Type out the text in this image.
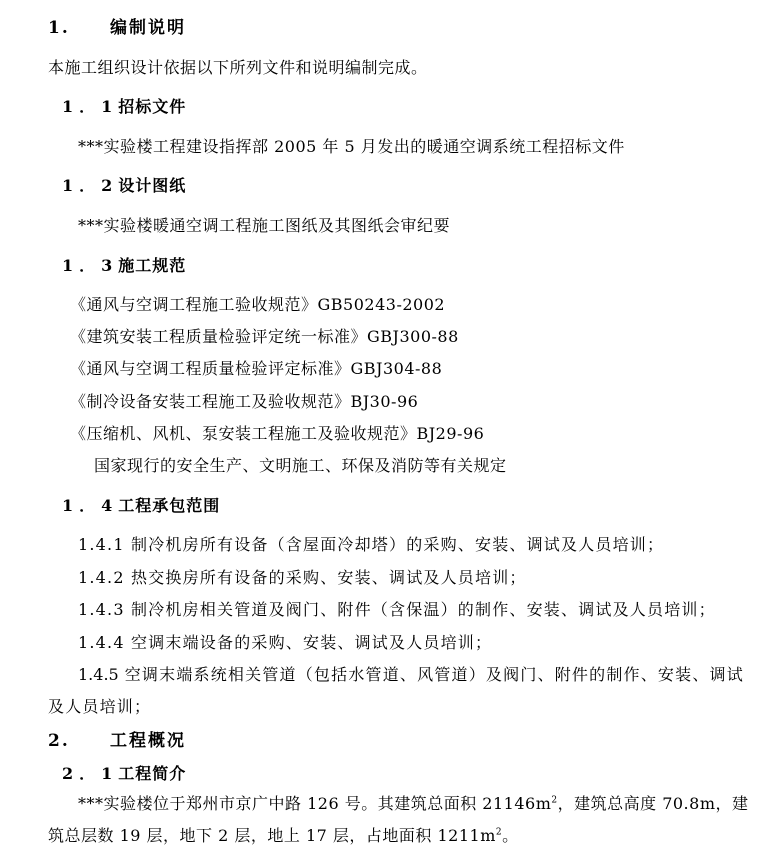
1. 编制说明
本施工组织设计依据以下所列文件和说明编制完成。
1．1招标文件
***实验楼工程建设指挥部 2005 年 5 月发出的暖通空调系统工程招标文件
1．2设计图纸
***实验楼暖通空调工程施工图纸及其图纸会审纪要
1．3施工规范
《通风与空调工程施工验收规范》GB50243-2002
《建筑安装工程质量检验评定统一标准》GBJ300-88
《通风与空调工程质量检验评定标准》GBJ304-88
《制冷设备安装工程施工及验收规范》BJ30-96
《压缩机、风机、泵安装工程施工及验收规范》BJ29-96
国家现行的安全生产、文明施工、环保及消防等有关规定
1．4工程承包范围
1.4.1 制冷机房所有设备（含屋面冷却塔）的采购、安装、调试及人员培训；
1.4.2 热交换房所有设备的采购、安装、调试及人员培训；
1.4.3 制冷机房相关管道及阀门、附件（含保温）的制作、安装、调试及人员培训；
1.4.4 空调末端设备的采购、安装、调试及人员培训；
1.4.5 空调末端系统相关管道（包括水管道、风管道）及阀门、附件的制作、安装、调试
及人员培训；
2. 工程概况
2．1工程简介
***实验楼位于郑州市京广中路 126 号。其建筑总面积 $21146m^2$，建筑总高度 70.8m，建
筑总层数 19 层，地下 2 层，地上 17 层，占地面积 $1211m^2$。
